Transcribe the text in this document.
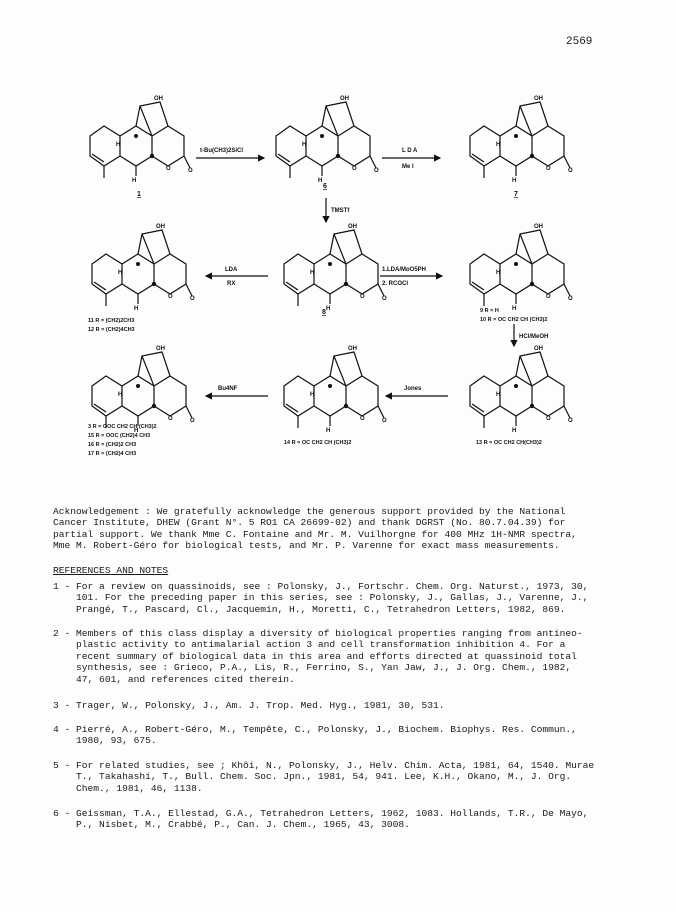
2569
O
O
H
H
1
t-Bu(CH3)2SiCl
6
L D A
Me I
7
TMSTf
11 R = (CH2)2CH3
12 R = (CH2)4CH3
LDA
RX
8
1.LDA/MoO5PH
2. RCOCl
9 R = H
10 R = OC CH2 CH (CH3)2
HCl/MeOH
3 R = OOC CH2 CH (CH3)2
15 R = OOC (CH2)4 CH3
16 R = (CH2)2 CH3
17 R = (CH2)4 CH3
Bu4NF
14 R = OC CH2 CH (CH3)2
Jones
13 R = OC CH2 CH(CH3)2
Acknowledgement : We gratefully acknowledge the generous support provided by the National
Cancer Institute, DHEW (Grant N°. 5 RO1 CA 26699-02) and thank DGRST (No. 80.7.04.39) for
partial support. We thank Mme C. Fontaine and Mr. M. Vuilhorgne for 400 MHz 1H-NMR spectra,
Mme M. Robert-Géro for biological tests, and Mr. P. Varenne for exact mass measurements.
REFERENCES AND NOTES
1 - For a review on quassinoids, see : Polonsky, J., Fortschr. Chem. Org. Naturst., 1973, 30,
101. For the preceding paper in this series, see : Polonsky, J., Gallas, J., Varenne, J.,
Prangé, T., Pascard, Cl., Jacquemin, H., Moretti, C., Tetrahedron Letters, 1982, 869.
2 - Members of this class display a diversity of biological properties ranging from antineo-
plastic activity to antimalarial action 3 and cell transformation inhibition 4. For a
recent summary of biological data in this area and efforts directed at quassinoid total
synthesis, see : Grieco, P.A., Lis, R., Ferrino, S., Yan Jaw, J., J. Org. Chem., 1982,
47, 601, and references cited therein.
3 - Trager, W., Polonsky, J., Am. J. Trop. Med. Hyg., 1981, 30, 531.
4 - Pierré, A., Robert-Géro, M., Tempête, C., Polonsky, J., Biochem. Biophys. Res. Commun.,
1980, 93, 675.
5 - For related studies, see ; Khôi, N., Polonsky, J., Helv. Chim. Acta, 1981, 64, 1540. Murae
T., Takahashi, T., Bull. Chem. Soc. Jpn., 1981, 54, 941. Lee, K.H., Okano, M., J. Org.
Chem., 1981, 46, 1138.
6 - Geissman, T.A., Ellestad, G.A., Tetrahedron Letters, 1962, 1083. Hollands, T.R., De Mayo,
P., Nisbet, M., Crabbé, P., Can. J. Chem., 1965, 43, 3008.
